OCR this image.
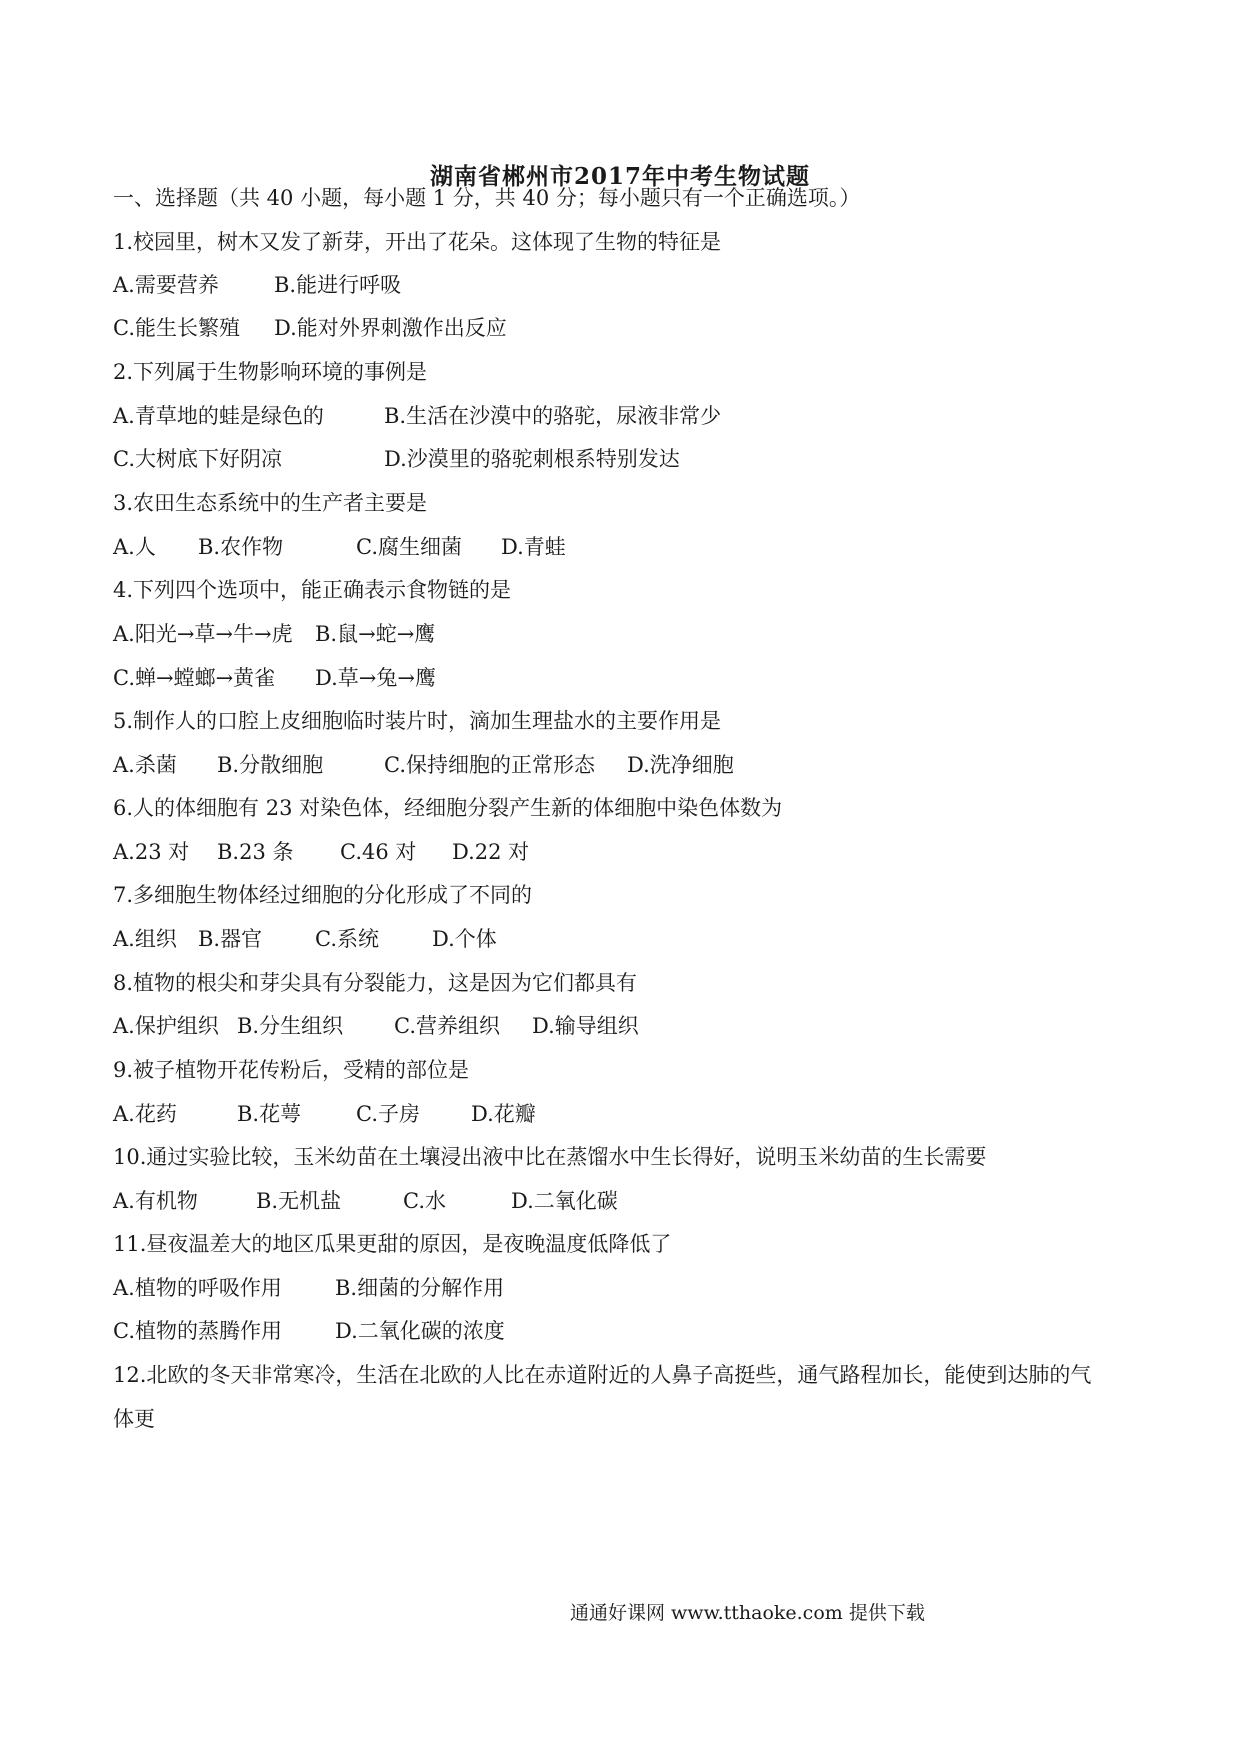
湖南省郴州市2017年中考生物试题
一、选择题（共 40 小题，每小题 1 分，共 40 分；每小题只有一个正确选项。）
1.校园里，树木又发了新芽，开出了花朵。这体现了生物的特征是
A.需要营养	B.能进行呼吸
C.能生长繁殖 D.能对外界刺激作出反应
2.下列属于生物影响环境的事例是
A.青草地的蛙是绿色的	B.生活在沙漠中的骆驼，尿液非常少
C.大树底下好阴凉	D.沙漠里的骆驼刺根系特别发达
3.农田生态系统中的生产者主要是
A.人 B.农作物	C.腐生细菌 D.青蛙
4.下列四个选项中，能正确表示食物链的是
A.阳光→草→牛→虎 B.鼠→蛇→鹰
C.蝉→螳螂→黄雀 D.草→兔→鹰
5.制作人的口腔上皮细胞临时装片时，滴加生理盐水的主要作用是
A.杀菌 B.分散细胞	C.保持细胞的正常形态 D.洗净细胞
6.人的体细胞有 23 对染色体，经细胞分裂产生新的体细胞中染色体数为
A.23 对 B.23 条 C.46 对 D.22 对
7.多细胞生物体经过细胞的分化形成了不同的
A.组织 B.器官	C.系统	D.个体
8.植物的根尖和芽尖具有分裂能力，这是因为它们都具有
A.保护组织 B.分生组织 C.营养组织 D.输导组织
9.被子植物开花传粉后，受精的部位是
A.花药	B.花萼	C.子房 D.花瓣
10.通过实验比较，玉米幼苗在土壤浸出液中比在蒸馏水中生长得好，说明玉米幼苗的生长需要
A.有机物	B.无机盐	C.水	D.二氧化碳
11.昼夜温差大的地区瓜果更甜的原因，是夜晚温度低降低了
A.植物的呼吸作用	B.细菌的分解作用
C.植物的蒸腾作用	D.二氧化碳的浓度
12.北欧的冬天非常寒冷，生活在北欧的人比在赤道附近的人鼻子高挺些，通气路程加长，能使到达肺的气
体更
通通好课网 www.tthaoke.com 提供下载
